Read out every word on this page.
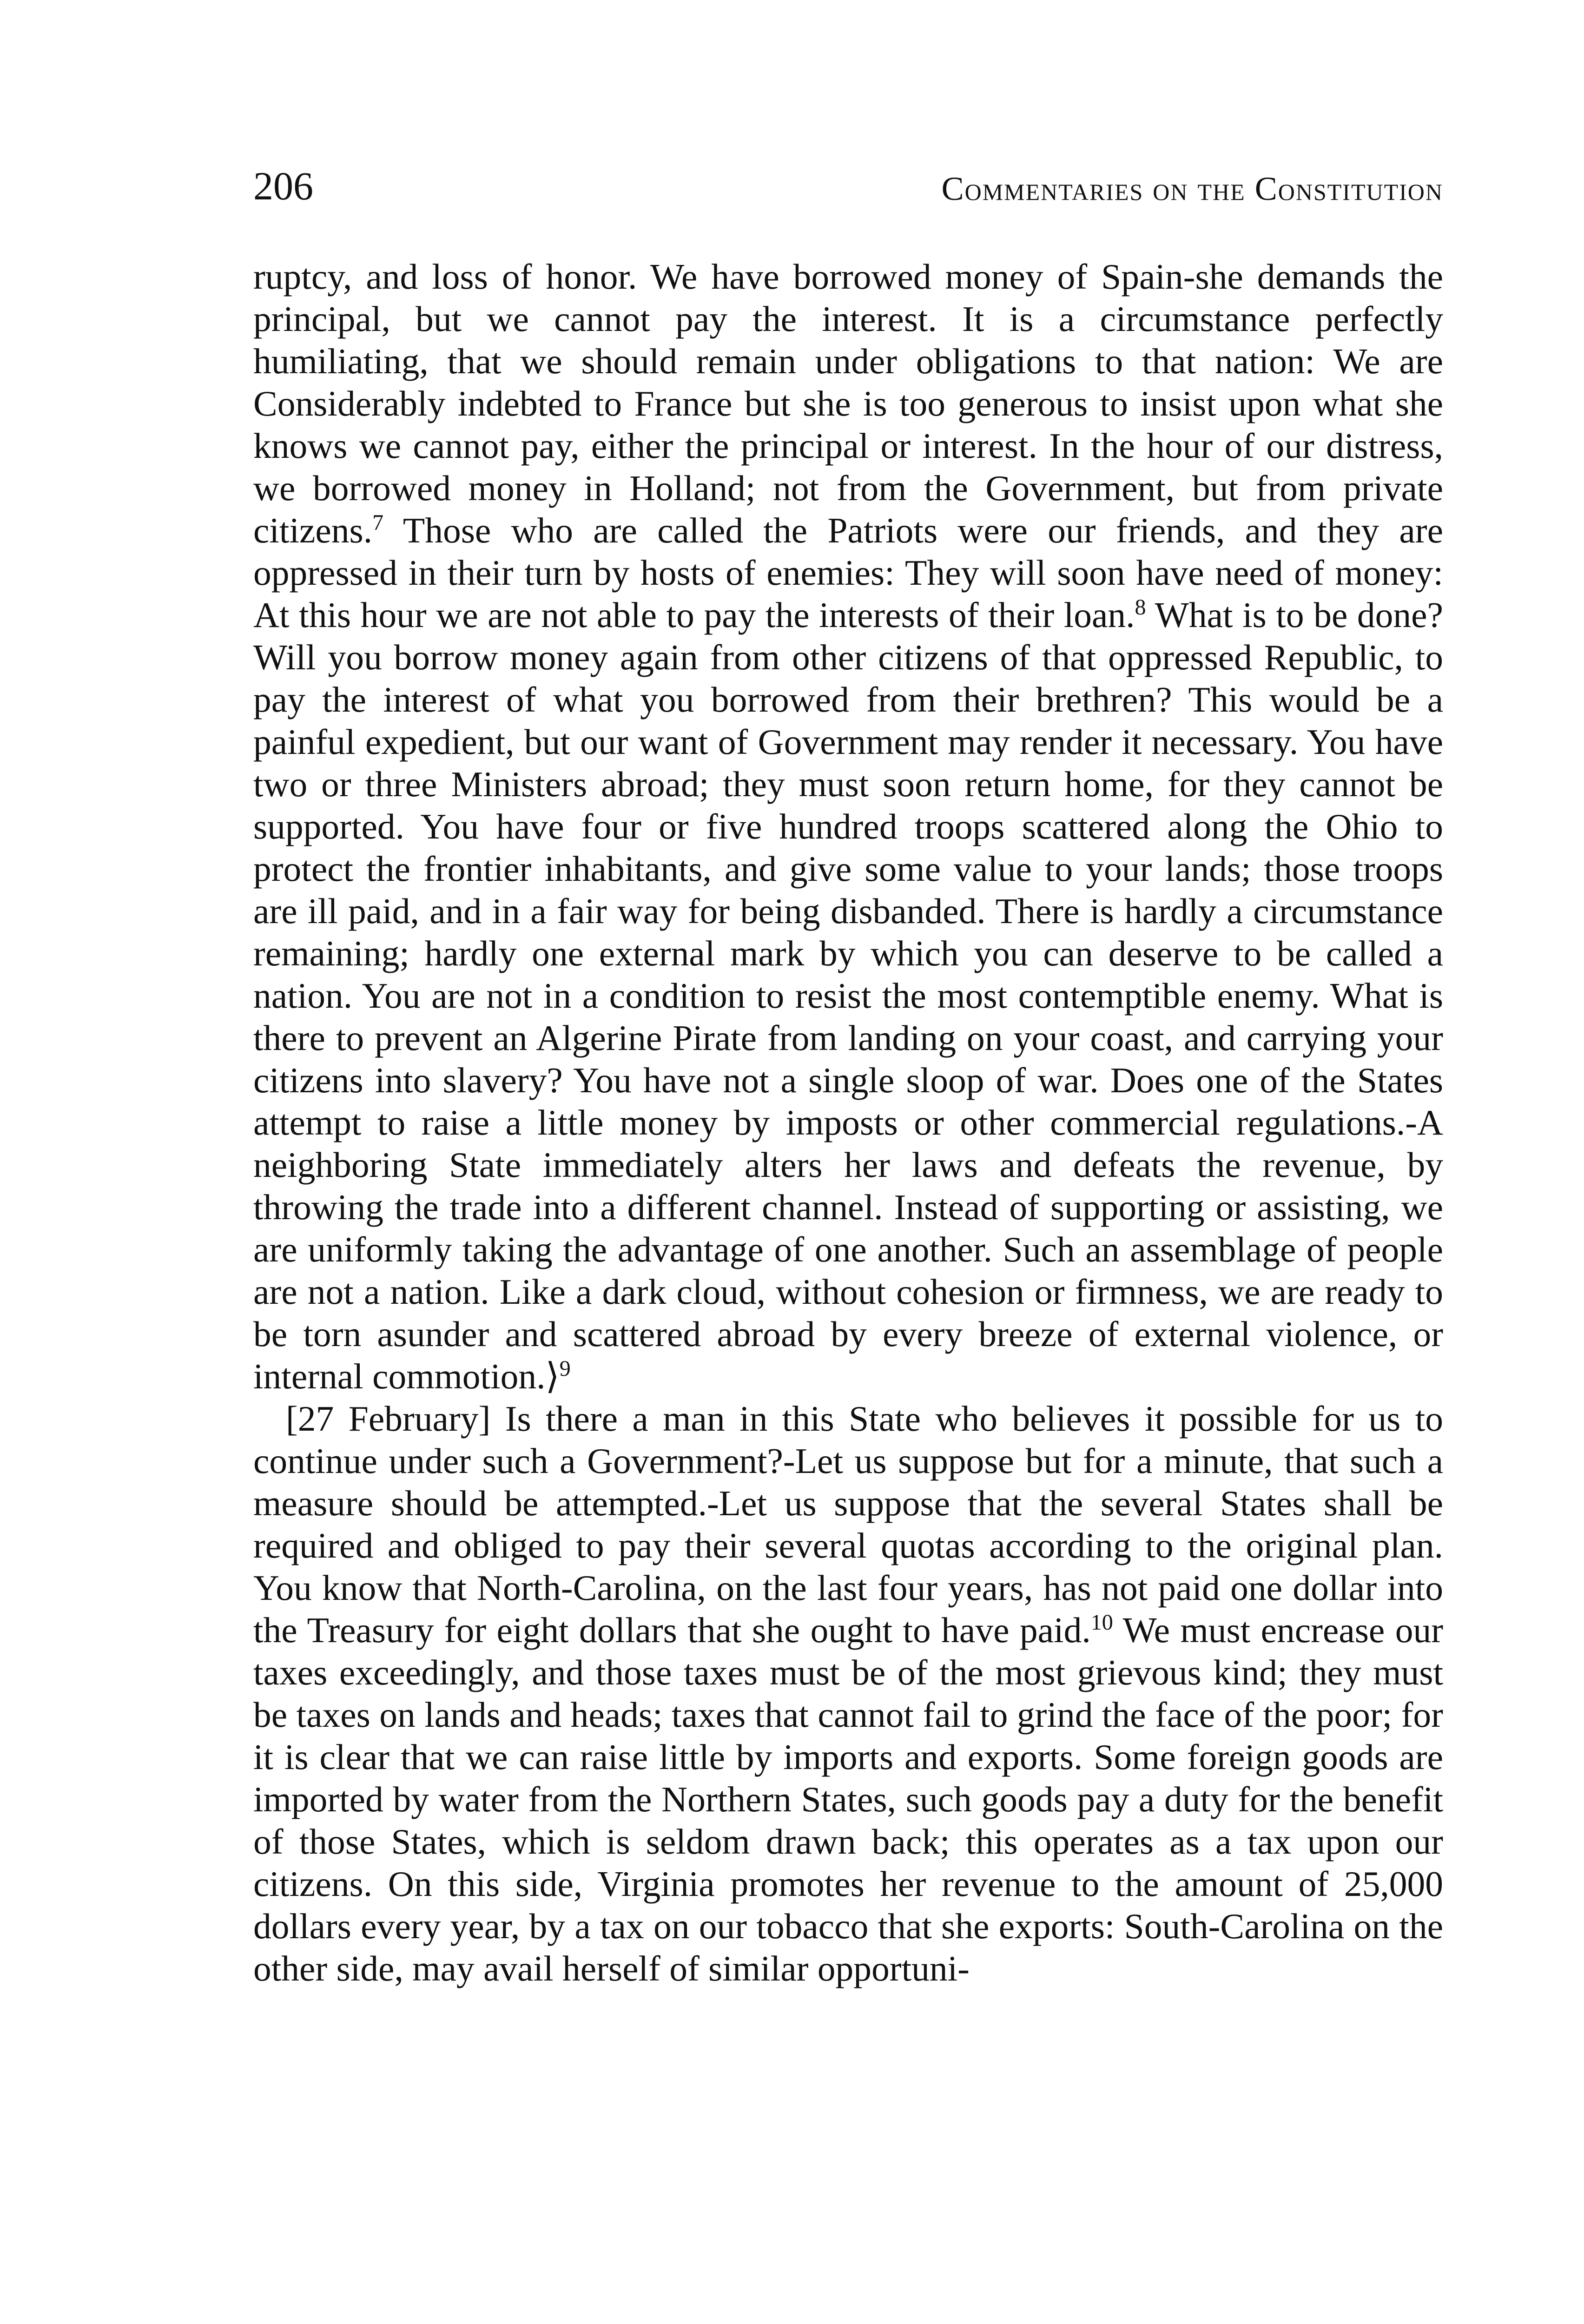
206	Commentaries on the Constitution

ruptcy, and loss of honor. We have borrowed money of Spain-she demands the principal, but we cannot pay the interest. It is a circumstance perfectly humiliating, that we should remain under obligations to that nation: We are Considerably indebted to France but she is too generous to insist upon what she knows we cannot pay, either the principal or interest. In the hour of our distress, we borrowed money in Holland; not from the Government, but from private citizens.$^7$ Those who are called the Patriots were our friends, and they are oppressed in their turn by hosts of enemies: They will soon have need of money: At this hour we are not able to pay the interests of their loan.$^8$ What is to be done? Will you borrow money again from other citizens of that oppressed Republic, to pay the interest of what you borrowed from their brethren? This would be a painful expedient, but our want of Government may render it necessary. You have two or three Ministers abroad; they must soon return home, for they cannot be supported. You have four or five hundred troops scattered along the Ohio to protect the frontier inhabitants, and give some value to your lands; those troops are ill paid, and in a fair way for being disbanded. There is hardly a circumstance remaining; hardly one external mark by which you can deserve to be called a nation. You are not in a condition to resist the most contemptible enemy. What is there to prevent an Algerine Pirate from landing on your coast, and carrying your citizens into slavery? You have not a single sloop of war. Does one of the States attempt to raise a little money by imposts or other commercial regulations.-A neighboring State immediately alters her laws and defeats the revenue, by throwing the trade into a different channel. Instead of supporting or assisting, we are uniformly taking the advantage of one another. Such an assemblage of people are not a nation. Like a dark cloud, without cohesion or firmness, we are ready to be torn asunder and scattered abroad by every breeze of external violence, or internal commotion.⟩$^9$

[27 February] Is there a man in this State who believes it possible for us to continue under such a Government?-Let us suppose but for a minute, that such a measure should be attempted.-Let us suppose that the several States shall be required and obliged to pay their several quotas according to the original plan. You know that North-Carolina, on the last four years, has not paid one dollar into the Treasury for eight dollars that she ought to have paid.$^{10}$ We must encrease our taxes exceedingly, and those taxes must be of the most grievous kind; they must be taxes on lands and heads; taxes that cannot fail to grind the face of the poor; for it is clear that we can raise little by imports and exports. Some foreign goods are imported by water from the Northern States, such goods pay a duty for the benefit of those States, which is seldom drawn back; this operates as a tax upon our citizens. On this side, Virginia promotes her revenue to the amount of 25,000 dollars every year, by a tax on our tobacco that she exports: South-Carolina on the other side, may avail herself of similar opportuni-
